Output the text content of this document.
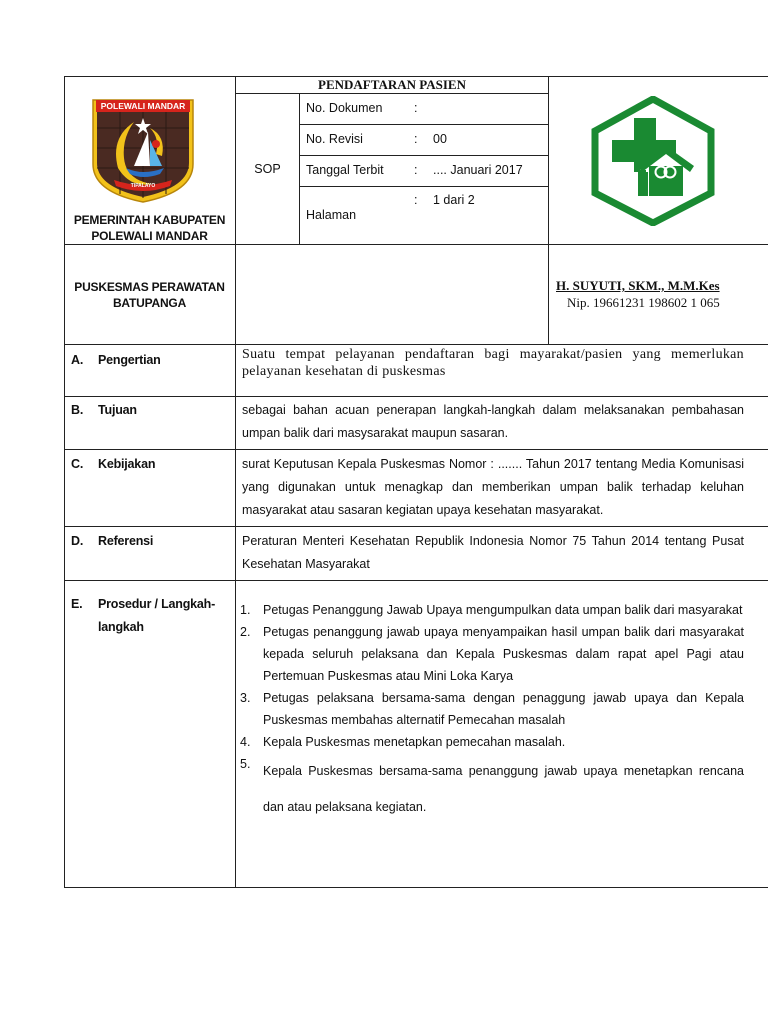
POLEWALI MANDAR
TIPALAYO
PEMERINTAH KABUPATEN
POLEWALI MANDAR
PENDAFTARAN PASIEN
SOP
No. Dokumen	:
No. Revisi	: 00
Tanggal Terbit : .... Januari 2017
Halaman
: 1 dari 2
PUSKESMAS PERAWATAN
BATUPANGA
H. SUYUTI, SKM., M.M.Kes
Nip. 19661231 198602 1 065
A. Pengertian	Suatu tempat pelayanan pendaftaran bagi mayarakat/pasien yang memerlukan pelayanan kesehatan di puskesmas
B. Tujuan	sebagai bahan acuan penerapan langkah-langkah dalam melaksanakan pembahasan umpan balik dari masysarakat maupun sasaran.
C. Kebijakan	surat Keputusan Kepala Puskesmas Nomor : ....... Tahun 2017 tentang Media Komunisasi yang digunakan untuk menagkap dan memberikan umpan balik terhadap keluhan masyarakat atau sasaran kegiatan upaya kesehatan masyarakat.
D. Referensi	Peraturan Menteri Kesehatan Republik Indonesia Nomor 75 Tahun 2014 tentang Pusat Kesehatan Masyarakat
E. Prosedur / Langkah-
langkah
1. Petugas Penanggung Jawab Upaya mengumpulkan data umpan balik dari masyarakat
2. Petugas penanggung jawab upaya menyampaikan hasil umpan balik dari masyarakat kepada seluruh pelaksana dan Kepala Puskesmas dalam rapat apel Pagi atau Pertemuan Puskesmas atau Mini Loka Karya
3. Petugas pelaksana bersama-sama dengan penaggung jawab upaya dan Kepala Puskesmas membahas alternatif Pemecahan masalah
4. Kepala Puskesmas menetapkan pemecahan masalah.
5. Kepala Puskesmas bersama-sama penanggung jawab upaya menetapkan rencana dan atau pelaksana kegiatan.
